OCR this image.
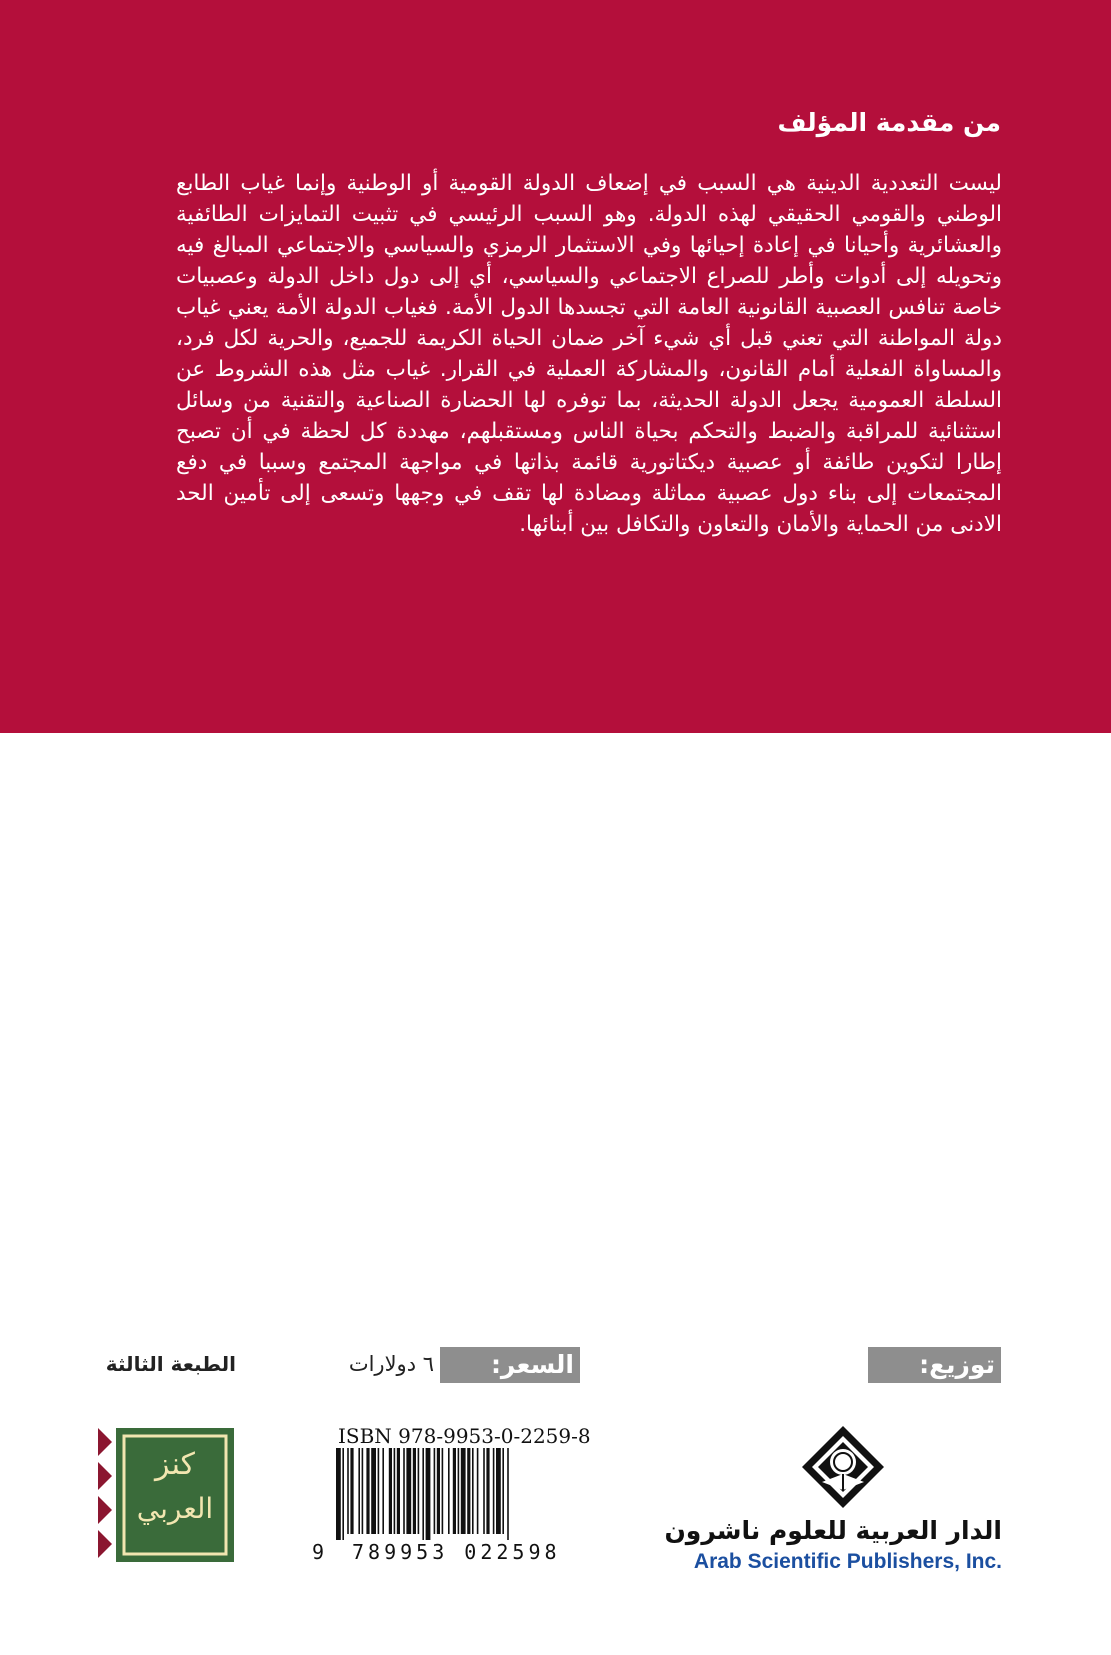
من مقدمة المؤلف

ليست التعددية الدينية هي السبب في إضعاف الدولة القومية أو الوطنية وإنما غياب الطابع الوطني والقومي الحقيقي لهذه الدولة. وهو السبب الرئيسي في تثبيت التمايزات الطائفية والعشائرية وأحيانا في إعادة إحيائها وفي الاستثمار الرمزي والسياسي والاجتماعي المبالغ فيه وتحويله إلى أدوات وأطر للصراع الاجتماعي والسياسي، أي إلى دول داخل الدولة وعصبيات خاصة تنافس العصبية القانونية العامة التي تجسدها الدول الأمة. فغياب الدولة الأمة يعني غياب دولة المواطنة التي تعني قبل أي شيء آخر ضمان الحياة الكريمة للجميع، والحرية لكل فرد، والمساواة الفعلية أمام القانون، والمشاركة العملية في القرار. غياب مثل هذه الشروط عن السلطة العمومية يجعل الدولة الحديثة، بما توفره لها الحضارة الصناعية والتقنية من وسائل استثنائية للمراقبة والضبط والتحكم بحياة الناس ومستقبلهم، مهددة كل لحظة في أن تصبح إطارا لتكوين طائفة أو عصبية ديكتاتورية قائمة بذاتها في مواجهة المجتمع وسببا في دفع المجتمعات إلى بناء دول عصبية مماثلة ومضادة لها تقف في وجهها وتسعى إلى تأمين الحد الادنى من الحماية والأمان والتعاون والتكافل بين أبنائها.

توزيع:
السعر:
٦ دولارات
الطبعة الثالثة
ISBN 978-9953-0-2259-8
9 789953 022598
الدار العربية للعلوم ناشرون
Arab Scientific Publishers, Inc.
كنز
العربي
